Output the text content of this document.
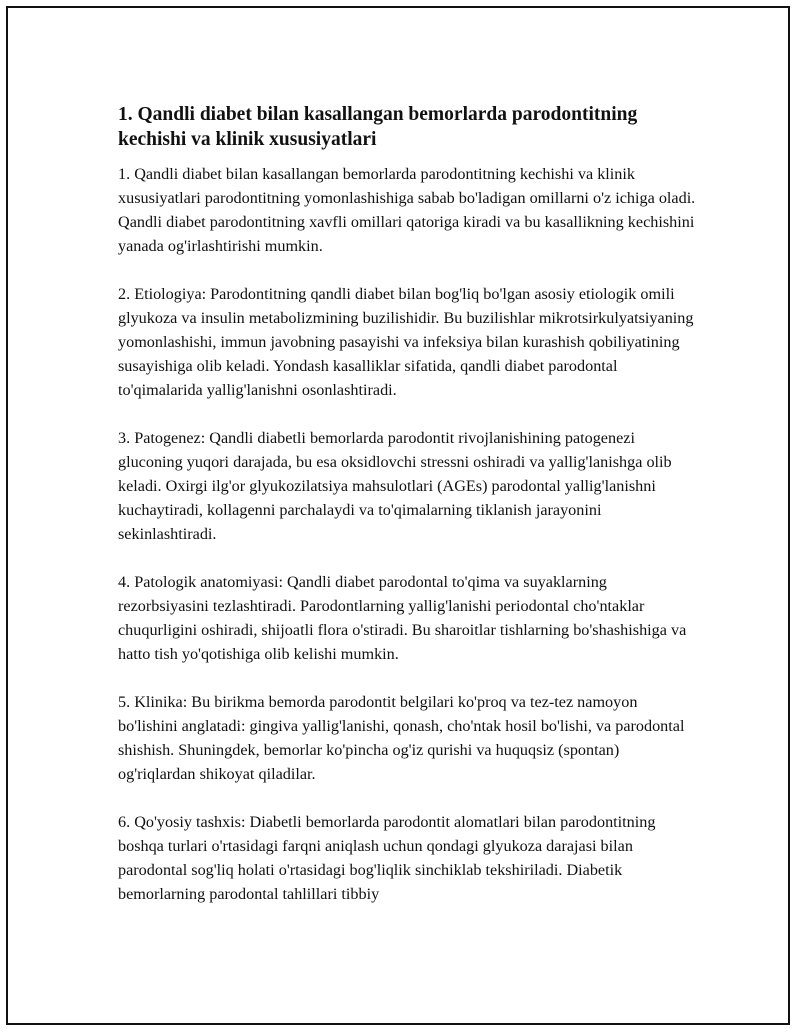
1. Qandli diabet bilan kasallangan bemorlarda parodontitning kechishi va klinik xususiyatlari

1. Qandli diabet bilan kasallangan bemorlarda parodontitning kechishi va klinik xususiyatlari parodontitning yomonlashishiga sabab bo'ladigan omillarni o'z ichiga oladi. Qandli diabet parodontitning xavfli omillari qatoriga kiradi va bu kasallikning kechishini yanada og'irlashtirishi mumkin.

2. Etiologiya: Parodontitning qandli diabet bilan bog'liq bo'lgan asosiy etiologik omili glyukoza va insulin metabolizmining buzilishidir. Bu buzilishlar mikrotsirkulyatsiyaning yomonlashishi, immun javobning pasayishi va infeksiya bilan kurashish qobiliyatining susayishiga olib keladi. Yondash kasalliklar sifatida, qandli diabet parodontal to'qimalarida yallig'lanishni osonlashtiradi.

3. Patogenez: Qandli diabetli bemorlarda parodontit rivojlanishining patogenezi gluconing yuqori darajada, bu esa oksidlovchi stressni oshiradi va yallig'lanishga olib keladi. Oxirgi ilg'or glyukozilatsiya mahsulotlari (AGEs) parodontal yallig'lanishni kuchaytiradi, kollagenni parchalaydi va to'qimalarning tiklanish jarayonini sekinlashtiradi.

4. Patologik anatomiyasi: Qandli diabet parodontal to'qima va suyaklarning rezorbsiyasini tezlashtiradi. Parodontlarning yallig'lanishi periodontal cho'ntaklar chuqurligini oshiradi, shijoatli flora o'stiradi. Bu sharoitlar tishlarning bo'shashishiga va hatto tish yo'qotishiga olib kelishi mumkin.

5. Klinika: Bu birikma bemorda parodontit belgilari ko'proq va tez-tez namoyon bo'lishini anglatadi: gingiva yallig'lanishi, qonash, cho'ntak hosil bo'lishi, va parodontal shishish. Shuningdek, bemorlar ko'pincha og'iz qurishi va huquqsiz (spontan) og'riqlardan shikoyat qiladilar.

6. Qo'yosiy tashxis: Diabetli bemorlarda parodontit alomatlari bilan parodontitning boshqa turlari o'rtasidagi farqni aniqlash uchun qondagi glyukoza darajasi bilan parodontal sog'liq holati o'rtasidagi bog'liqlik sinchiklab tekshiriladi. Diabetik bemorlarning parodontal tahlillari tibbiy
